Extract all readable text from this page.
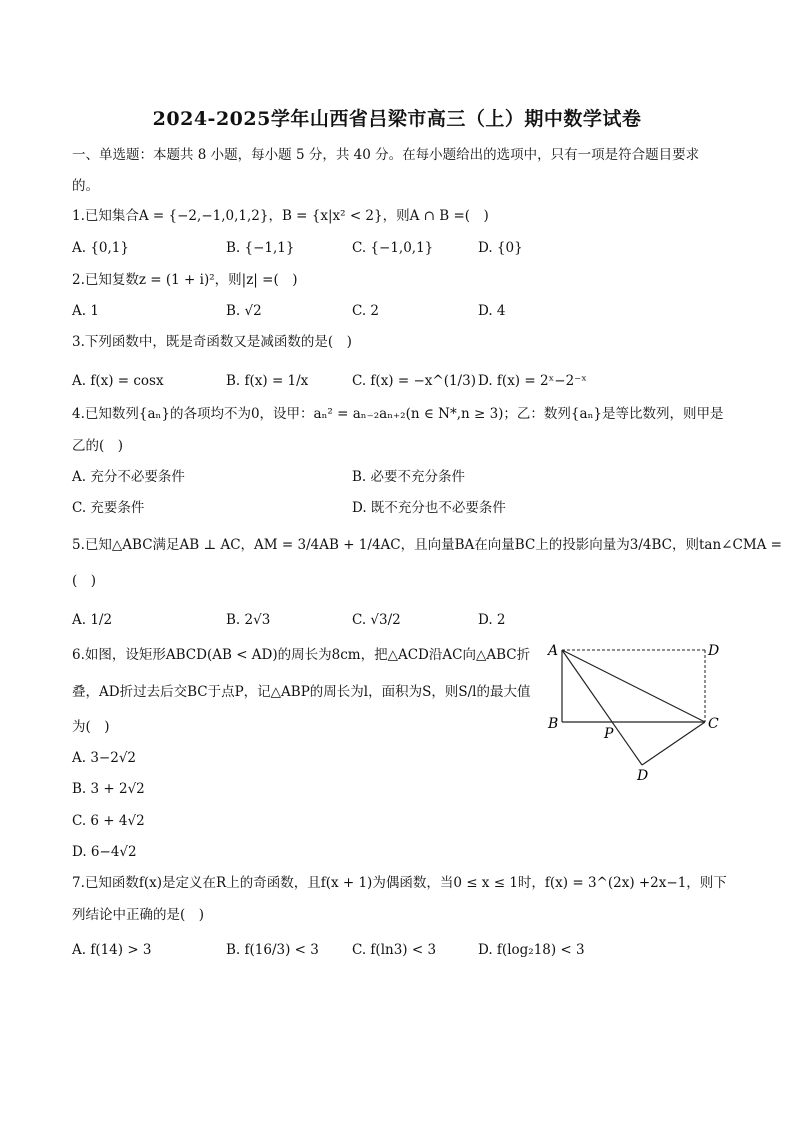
2024-2025学年山西省吕梁市高三（上）期中数学试卷
一、单选题：本题共 8 小题，每小题 5 分，共 40 分。在每小题给出的选项中，只有一项是符合题目要求
的。
1.已知集合A = {−2,−1,0,1,2}，B = {x|x² < 2}，则A ∩ B =(　)
A. {0,1}	B. {−1,1}	C. {−1,0,1}	D. {0}
2.已知复数z = (1 + i)²，则|z| =(　)
A. 1	B. √2	C. 2	D. 4
3.下列函数中，既是奇函数又是减函数的是(　)
A. f(x) = cosx	B. f(x) = 1/x	C. f(x) = −x^(1/3) D. f(x) = 2ˣ−2⁻ˣ
4.已知数列{aₙ}的各项均不为0，设甲：aₙ² = aₙ₋₂aₙ₊₂(n ∈ N*,n ≥ 3)；乙：数列{aₙ}是等比数列，则甲是
乙的(　)
A. 充分不必要条件	B. 必要不充分条件
C. 充要条件	D. 既不充分也不必要条件
5.已知△ABC满足AB ⊥ AC，AM = 3/4AB + 1/4AC，且向量BA在向量BC上的投影向量为3/4BC，则tan∠CMA =
(　)
A. 1/2	B. 2√3	C. √3/2	D. 2
6.如图，设矩形ABCD(AB < AD)的周长为8cm，把△ACD沿AC向△ABC折
叠，AD折过去后交BC于点P，记△ABP的周长为l，面积为S，则S/l的最大值
为(　)
A. 3−2√2
B. 3 + 2√2
C. 6 + 4√2
D. 6−4√2
A	D
B	C
P
D
7.已知函数f(x)是定义在R上的奇函数，且f(x + 1)为偶函数，当0 ≤ x ≤ 1时，f(x) = 3^(2x) +2x−1，则下
列结论中正确的是(　)
A. f(14) > 3	B. f(16/3) < 3 C. f(ln3) < 3	D. f(log₂18) < 3
